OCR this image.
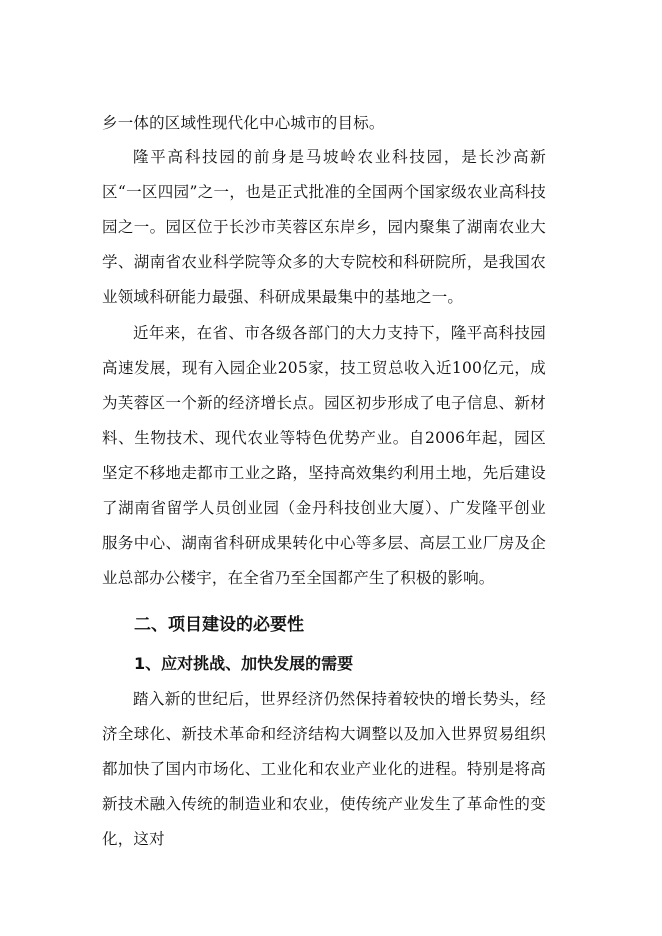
乡一体的区域性现代化中心城市的目标。

隆平高科技园的前身是马坡岭农业科技园，是长沙高新区“一区四园”之一，也是正式批准的全国两个国家级农业高科技园之一。园区位于长沙市芙蓉区东岸乡，园内聚集了湖南农业大学、湖南省农业科学院等众多的大专院校和科研院所，是我国农业领域科研能力最强、科研成果最集中的基地之一。

近年来，在省、市各级各部门的大力支持下，隆平高科技园高速发展，现有入园企业205家，技工贸总收入近100亿元，成为芙蓉区一个新的经济增长点。园区初步形成了电子信息、新材料、生物技术、现代农业等特色优势产业。自2006年起，园区坚定不移地走都市工业之路，坚持高效集约利用土地，先后建设了湖南省留学人员创业园（金丹科技创业大厦）、广发隆平创业服务中心、湖南省科研成果转化中心等多层、高层工业厂房及企业总部办公楼宇，在全省乃至全国都产生了积极的影响。

二、项目建设的必要性
1、应对挑战、加快发展的需要

踏入新的世纪后，世界经济仍然保持着较快的增长势头，经济全球化、新技术革命和经济结构大调整以及加入世界贸易组织都加快了国内市场化、工业化和农业产业化的进程。特别是将高新技术融入传统的制造业和农业，使传统产业发生了革命性的变化，这对
